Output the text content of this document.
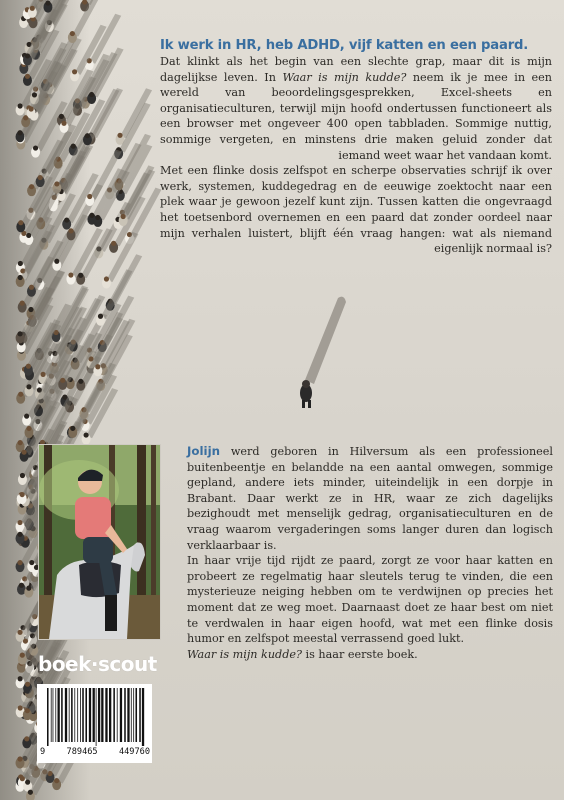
Ik werk in HR, heb ADHD, vijf katten en een paard.

Dat klinkt als het begin van een slechte grap, maar dit is mijn dagelijkse leven. In Waar is mijn kudde? neem ik je mee in een wereld van beoordelingsgesprekken, Excel-sheets en organisatieculturen, terwijl mijn hoofd ondertussen functioneert als een browser met ongeveer 400 open tabbladen. Sommige nuttig, sommige vergeten, en minstens drie maken geluid zonder dat iemand weet waar het vandaan komt.

Met een flinke dosis zelfspot en scherpe observaties schrijf ik over werk, systemen, kuddegedrag en de eeuwige zoektocht naar een plek waar je gewoon jezelf kunt zijn. Tussen katten die ongevraagd het toetsenbord overnemen en een paard dat zonder oordeel naar mijn verhalen luistert, blijft één vraag hangen: wat als niemand eigenlijk normaal is?

Jolijn werd geboren in Hilversum als een professioneel buitenbeentje en belandde na een aantal omwegen, sommige gepland, andere iets minder, uiteindelijk in een dorpje in Brabant. Daar werkt ze in HR, waar ze zich dagelijks bezighoudt met menselijk gedrag, organisatieculturen en de vraag waarom vergaderingen soms langer duren dan logisch verklaarbaar is.

In haar vrije tijd rijdt ze paard, zorgt ze voor haar katten en probeert ze regelmatig haar sleutels terug te vinden, die een mysterieuze neiging hebben om te verdwijnen op precies het moment dat ze weg moet. Daarnaast doet ze haar best om niet te verdwalen in haar eigen hoofd, wat met een flinke dosis humor en zelfspot meestal verrassend goed lukt.

Waar is mijn kudde? is haar eerste boek.

boek·scout
9 789465 449760
